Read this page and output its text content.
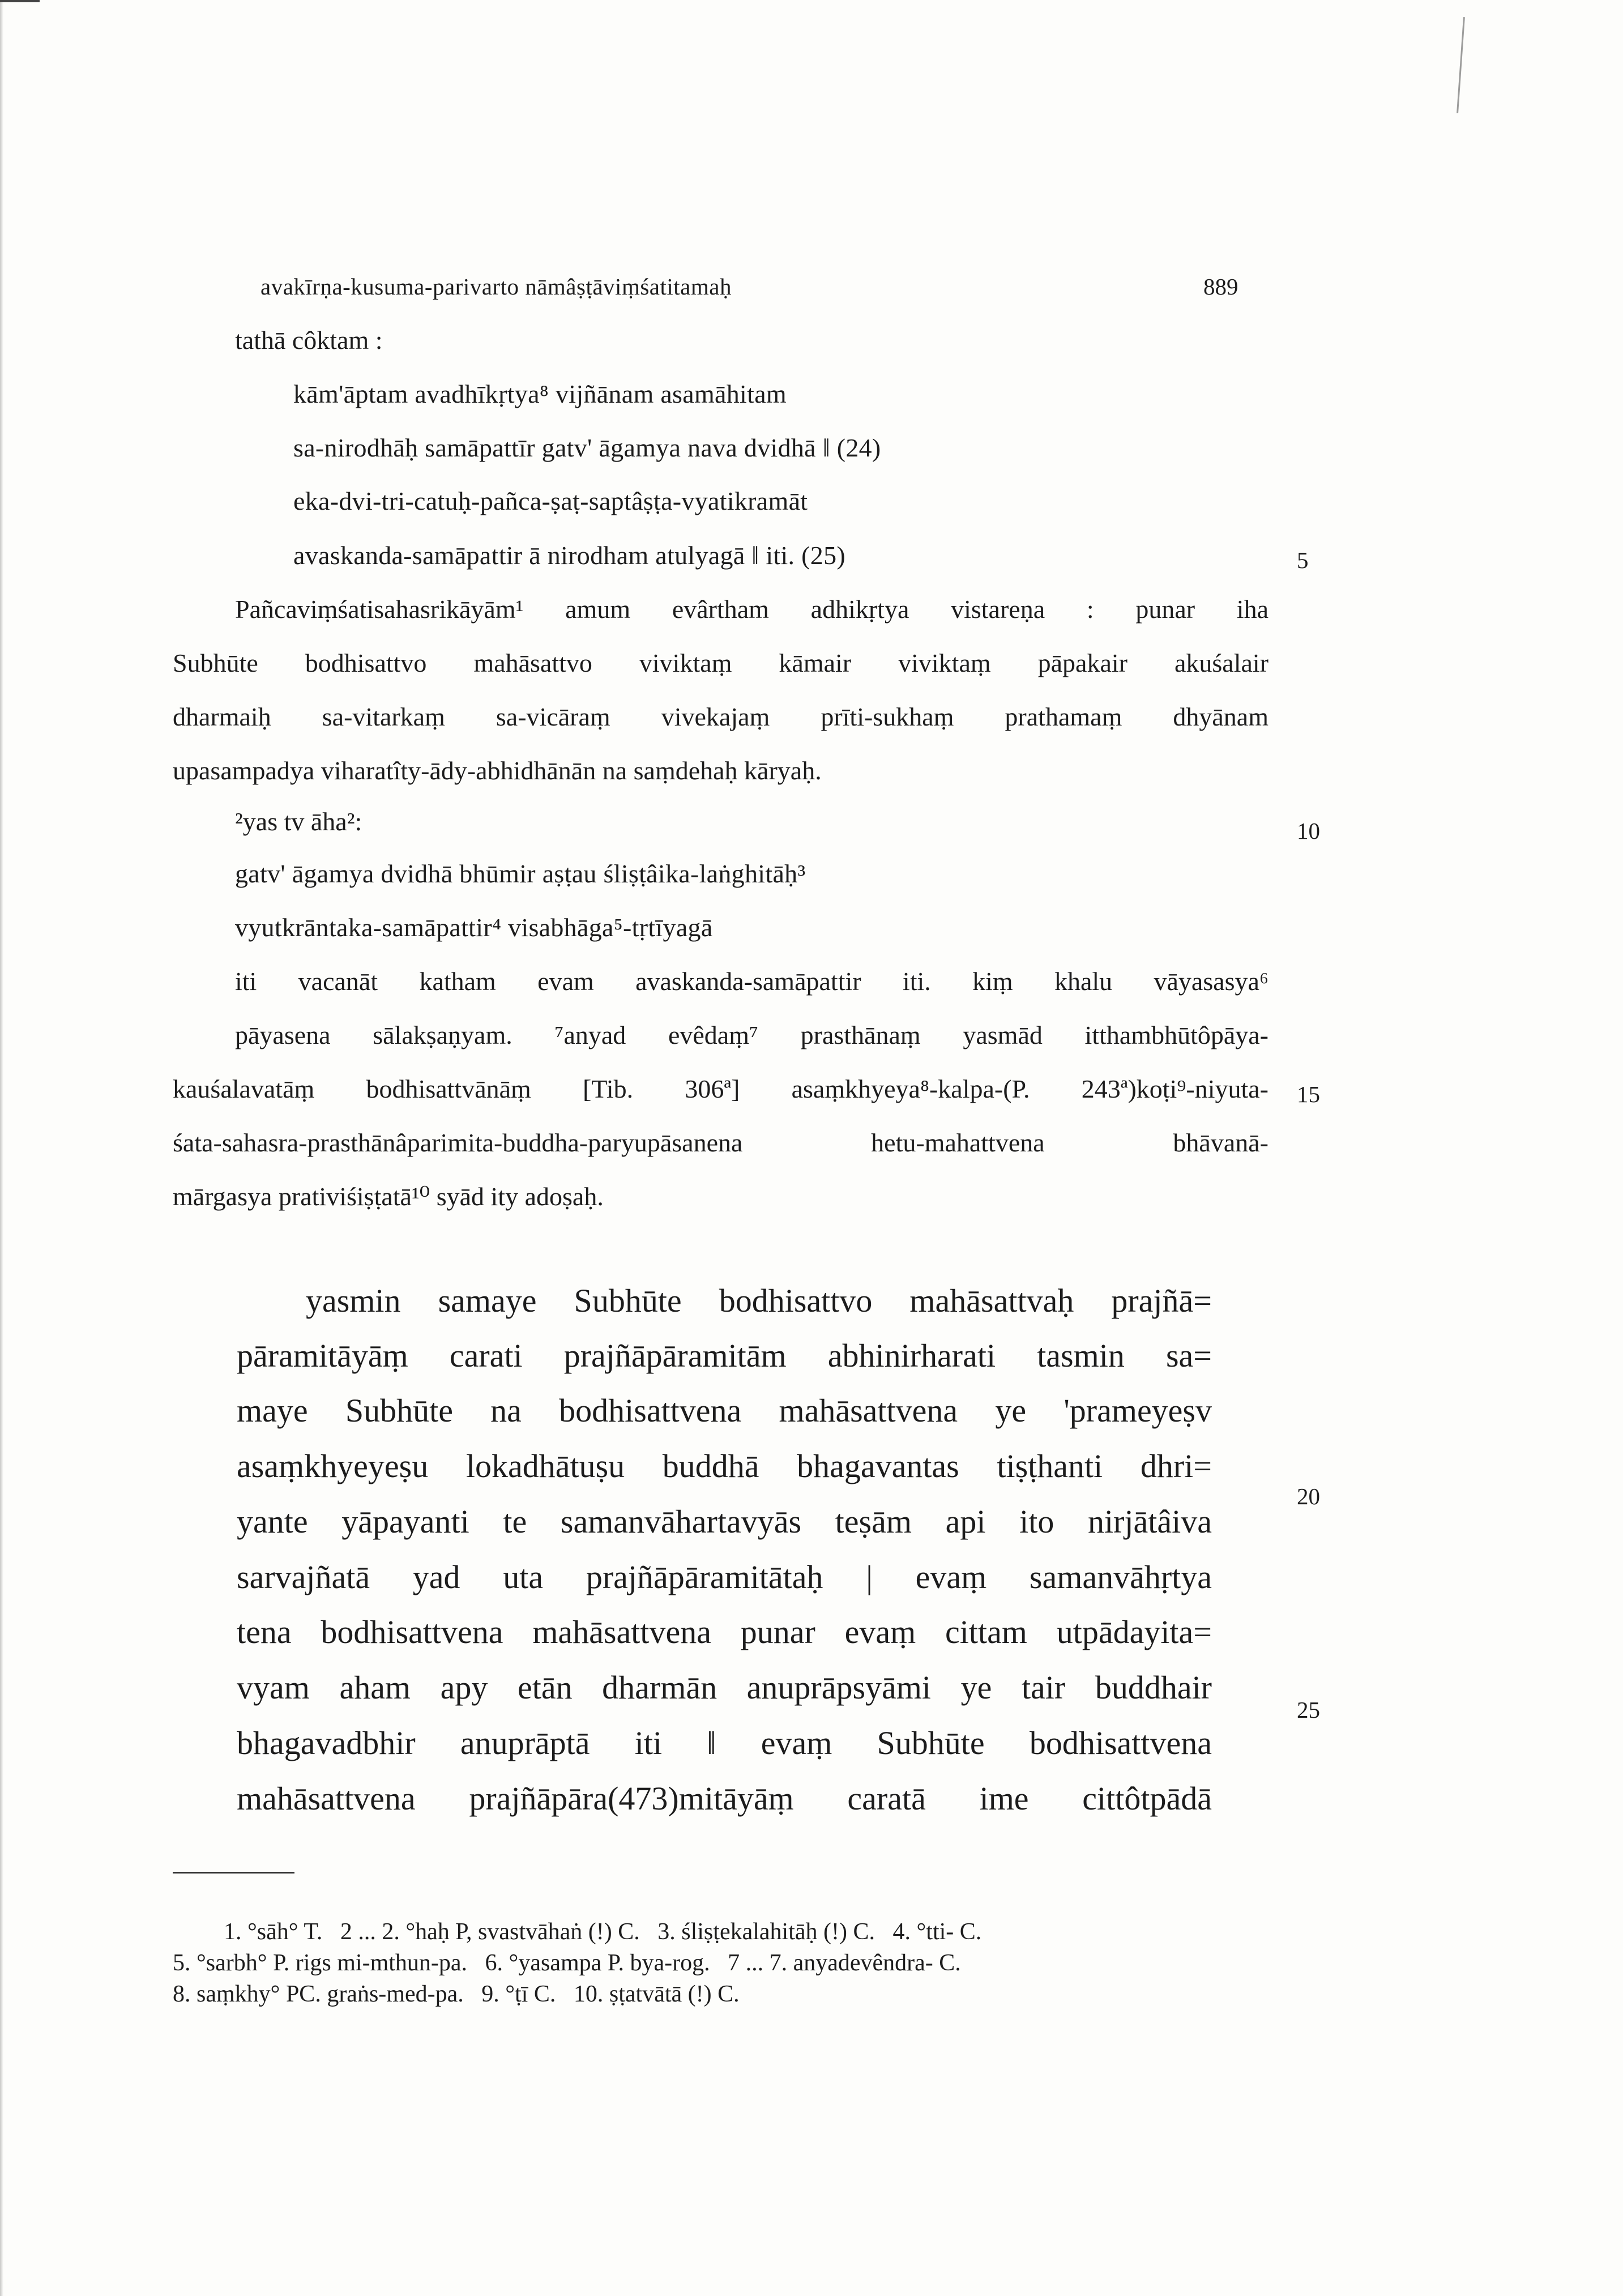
avakīrṇa-kusuma-parivarto nāmâṣṭāviṃśatitamaḥ	889
tathā côktam :
kām'āptam avadhīkṛtya⁸ vijñānam asamāhitam
sa-nirodhāḥ samāpattīr gatv' āgamya nava dvidhā ‖ (24)
eka-dvi-tri-catuḥ-pañca-ṣaṭ-saptâṣṭa-vyatikramāt
avaskanda-samāpattir ā nirodham atulyagā ‖ iti. (25)
Pañcaviṃśatisahasrikāyām¹ amum evârtham adhikṛtya vistareṇa : punar iha
Subhūte bodhisattvo mahāsattvo viviktaṃ kāmair viviktaṃ pāpakair akuśalair
dharmaiḥ sa-vitarkaṃ sa-vicāraṃ vivekajaṃ prīti-sukhaṃ prathamaṃ dhyānam
upasampadya viharatîty-ādy-abhidhānān na saṃdehaḥ kāryaḥ.
²yas tv āha²:
gatv' āgamya dvidhā bhūmir aṣṭau śliṣṭâika-laṅghitāḥ³
vyutkrāntaka-samāpattir⁴ visabhāga⁵-tṛtīyagā
iti vacanāt katham evam avaskanda-samāpattir iti. kiṃ khalu vāyasasya⁶
pāyasena sālakṣaṇyam. ⁷anyad evêdaṃ⁷ prasthānaṃ yasmād itthambhūtôpāya-
kauśalavatāṃ bodhisattvānāṃ [Tib. 306ª] asaṃkhyeya⁸-kalpa-(P. 243ª)koṭi⁹-niyuta-
śata-sahasra-prasthānâparimita-buddha-paryupāsanena hetu-mahattvena bhāvanā-
mārgasya prativiśiṣṭatā¹⁰ syād ity adoṣaḥ.
yasmin samaye Subhūte bodhisattvo mahāsattvaḥ prajñā=
pāramitāyāṃ carati prajñāpāramitām abhinirharati tasmin sa=
maye Subhūte na bodhisattvena mahāsattvena ye 'prameyeṣv
asaṃkhyeyeṣu lokadhātuṣu buddhā bhagavantas tiṣṭhanti dhri=
yante yāpayanti te samanvāhartavyās teṣām api ito nirjātâiva
sarvajñatā yad uta prajñāpāramitātaḥ | evaṃ samanvāhṛtya
tena bodhisattvena mahāsattvena punar evaṃ cittam utpādayita=
vyam aham apy etān dharmān anuprāpsyāmi ye tair buddhair
bhagavadbhir anuprāptā iti ‖ evaṃ Subhūte bodhisattvena
mahāsattvena prajñāpāra(473)mitāyāṃ caratā ime cittôtpādā
5
10
15
20
25
1. °sāh° T.   2 ... 2. °haḥ P, svastvāhaṅ (!) C.   3. śliṣṭekalahitāḥ (!) C.   4. °tti- C.
5. °sarbh° P. rigs mi-mthun-pa.   6. °yasampa P. bya-rog.   7 ... 7. anyadevêndra- C.
8. saṃkhy° PC. graṅs-med-pa.   9. °ṭī C.   10. ṣṭatvātā (!) C.
